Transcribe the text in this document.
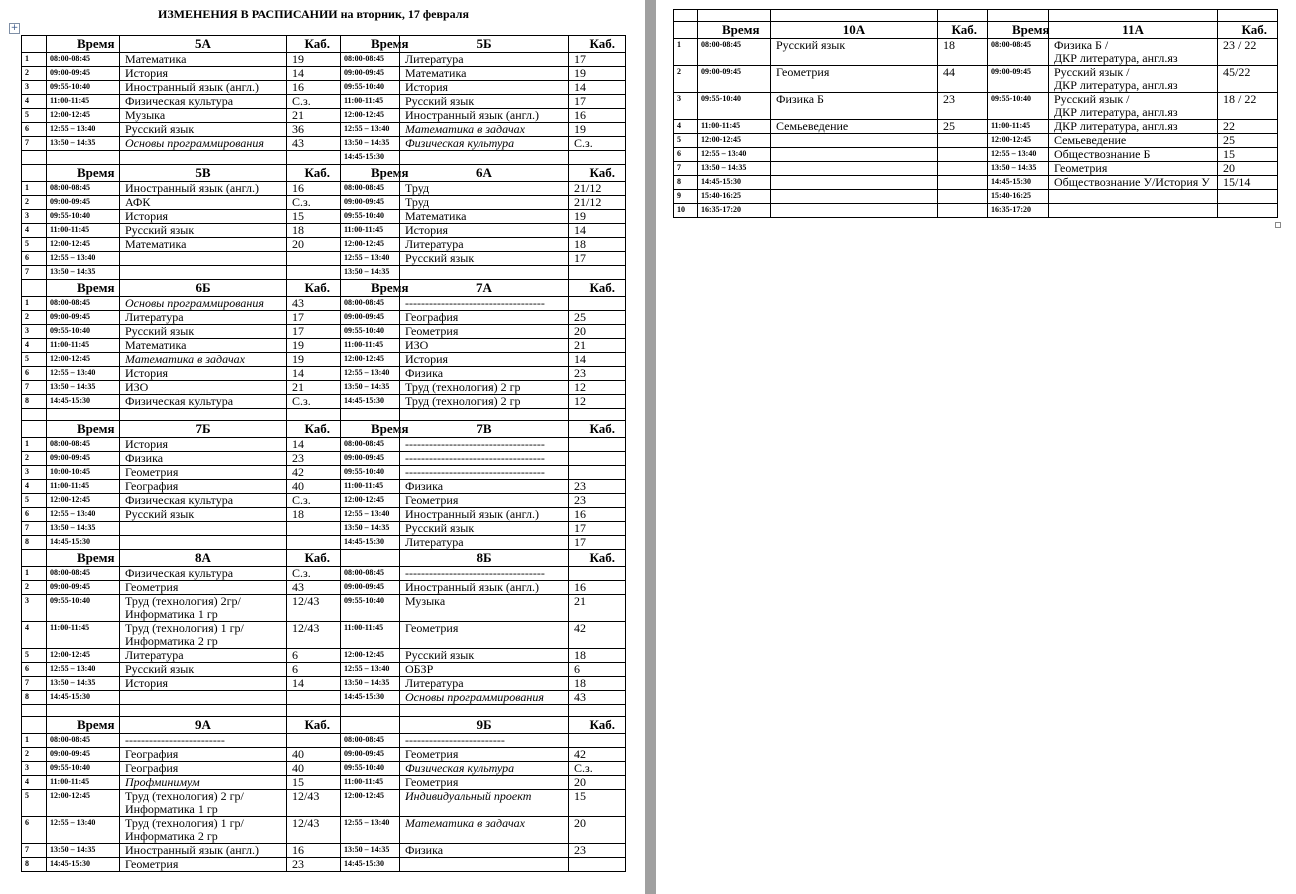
ИЗМЕНЕНИЯ В РАСПИСАНИИ на вторник, 17 февраля
+
	Время	5А	Каб.	Время	5Б	Каб.
1	08:00-08:45	Математика	19	08:00-08:45	Литература	17
2	09:00-09:45	История	14	09:00-09:45	Математика	19
3	09:55-10:40	Иностранный язык (англ.)	16	09:55-10:40	История	14
4	11:00-11:45	Физическая культура	С.з.	11:00-11:45	Русский язык	17
5	12:00-12:45	Музыка	21	12:00-12:45	Иностранный язык (англ.)	16
6	12:55 – 13:40	Русский язык	36	12:55 – 13:40	Математика в задачах	19
7	13:50 – 14:35	Основы программирования	43	13:50 – 14:35	Физическая культура	С.з.
				14:45-15:30		
	Время	5В	Каб.	Время	6А	Каб.
1	08:00-08:45	Иностранный язык (англ.)	16	08:00-08:45	Труд	21/12
2	09:00-09:45	АФК	С.з.	09:00-09:45	Труд	21/12
3	09:55-10:40	История	15	09:55-10:40	Математика	19
4	11:00-11:45	Русский язык	18	11:00-11:45	История	14
5	12:00-12:45	Математика	20	12:00-12:45	Литература	18
6	12:55 – 13:40			12:55 – 13:40	Русский язык	17
7	13:50 – 14:35			13:50 – 14:35		
	Время	6Б	Каб.	Время	7А	Каб.
1	08:00-08:45	Основы программирования	43	08:00-08:45	-----------------------------------	
2	09:00-09:45	Литература	17	09:00-09:45	География	25
3	09:55-10:40	Русский язык	17	09:55-10:40	Геометрия	20
4	11:00-11:45	Математика	19	11:00-11:45	ИЗО	21
5	12:00-12:45	Математика в задачах	19	12:00-12:45	История	14
6	12:55 – 13:40	История	14	12:55 – 13:40	Физика	23
7	13:50 – 14:35	ИЗО	21	13:50 – 14:35	Труд (технология) 2 гр	12
8	14:45-15:30	Физическая культура	С.з.	14:45-15:30	Труд (технология) 2 гр	12

	Время	7Б	Каб.	Время	7В	Каб.
1	08:00-08:45	История	14	08:00-08:45	-----------------------------------	
2	09:00-09:45	Физика	23	09:00-09:45	-----------------------------------	
3	10:00-10:45	Геометрия	42	09:55-10:40	-----------------------------------	
4	11:00-11:45	География	40	11:00-11:45	Физика	23
5	12:00-12:45	Физическая культура	С.з.	12:00-12:45	Геометрия	23
6	12:55 – 13:40	Русский язык	18	12:55 – 13:40	Иностранный язык (англ.)	16
7	13:50 – 14:35			13:50 – 14:35	Русский язык	17
8	14:45-15:30			14:45-15:30	Литература	17
	Время	8А	Каб.		8Б	Каб.
1	08:00-08:45	Физическая культура	С.з.	08:00-08:45	-----------------------------------	
2	09:00-09:45	Геометрия	43	09:00-09:45	Иностранный язык (англ.)	16
3	09:55-10:40	Труд (технология) 2гр/
Информатика 1 гр	12/43	09:55-10:40	Музыка	21
4	11:00-11:45	Труд (технология) 1 гр/
Информатика 2 гр	12/43	11:00-11:45	Геометрия	42
5	12:00-12:45	Литература	6	12:00-12:45	Русский язык	18
6	12:55 – 13:40	Русский язык	6	12:55 – 13:40	ОБЗР	6
7	13:50 – 14:35	История	14	13:50 – 14:35	Литература	18
8	14:45-15:30			14:45-15:30	Основы программирования	43

	Время	9А	Каб.		9Б	Каб.
1	08:00-08:45	-------------------------		08:00-08:45	-------------------------	
2	09:00-09:45	География	40	09:00-09:45	Геометрия	42
3	09:55-10:40	География	40	09:55-10:40	Физическая культура	С.з.
4	11:00-11:45	Профминимум	15	11:00-11:45	Геометрия	20
5	12:00-12:45	Труд (технология) 2 гр/
Информатика 1 гр	12/43	12:00-12:45	Индивидуальный проект	15
6	12:55 – 13:40	Труд (технология) 1 гр/
Информатика 2 гр	12/43	12:55 – 13:40	Математика в задачах	20
7	13:50 – 14:35	Иностранный язык (англ.)	16	13:50 – 14:35	Физика	23
8	14:45-15:30	Геометрия	23	14:45-15:30		

	Время	10А	Каб.	Время	11А	Каб.
1	08:00-08:45	Русский язык	18	08:00-08:45	Физика Б /
ДКР литература, англ.яз	23 / 22
2	09:00-09:45	Геометрия	44	09:00-09:45	Русский язык /
ДКР литература, англ.яз	45/22
3	09:55-10:40	Физика Б	23	09:55-10:40	Русский язык /
ДКР литература, англ.яз	18 / 22
4	11:00-11:45	Семьеведение	25	11:00-11:45	ДКР литература, англ.яз	22
5	12:00-12:45			12:00-12:45	Семьеведение	25
6	12:55 – 13:40			12:55 – 13:40	Обществознание Б	15
7	13:50 – 14:35			13:50 – 14:35	Геометрия	20
8	14:45-15:30			14:45-15:30	Обществознание У/История У	15/14
9	15:40-16:25			15:40-16:25		
10	16:35-17:20			16:35-17:20		
